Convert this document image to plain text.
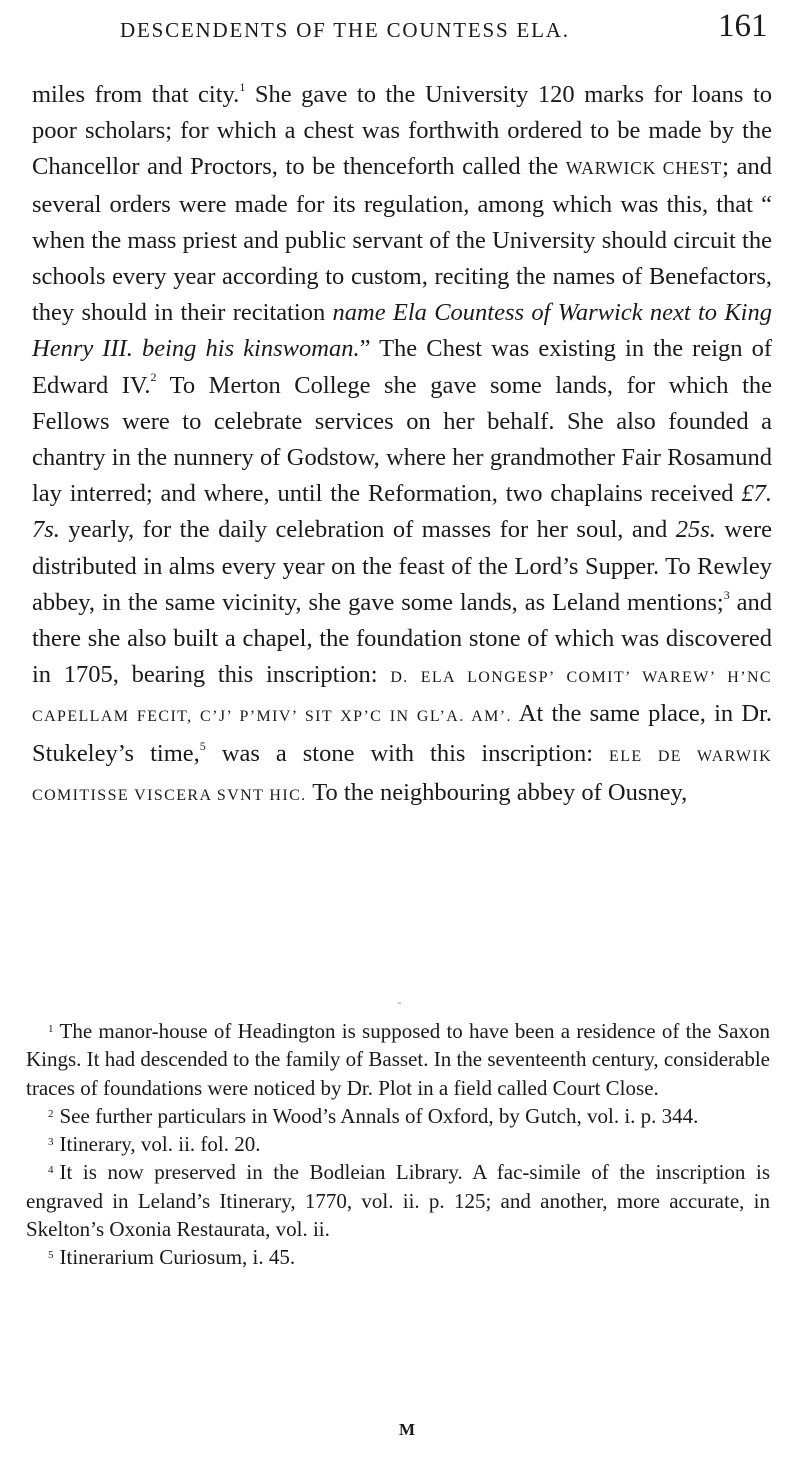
DESCENDENTS OF THE COUNTESS ELA.	161

miles from that city.$^1$ She gave to the University 120 marks for loans to poor scholars; for which a chest was forthwith ordered to be made by the Chancellor and Proctors, to be thenceforth called the WARWICK CHEST; and several orders were made for its regulation, among which was this, that “ when the mass priest and public servant of the University should circuit the schools every year according to custom, reciting the names of Benefactors, they should in their recitation name Ela Countess of Warwick next to King Henry III. being his kinswoman.” The Chest was existing in the reign of Edward IV.$^2$ To Merton College she gave some lands, for which the Fellows were to celebrate services on her behalf. She also founded a chantry in the nunnery of Godstow, where her grandmother Fair Rosamund lay interred; and where, until the Reformation, two chaplains received £7. 7s. yearly, for the daily celebration of masses for her soul, and 25s. were distributed in alms every year on the feast of the Lord’s Supper. To Rewley abbey, in the same vicinity, she gave some lands, as Leland mentions;$^3$ and there she also built a chapel, the foundation stone of which was discovered in 1705, bearing this inscription: D. ELA LONGESP’ COMIT’ WAREW’ H’NC CAPELLAM FECIT, C’J’ P’MIV’ SIT XP’C IN GL’A. AM’. At the same place, in Dr. Stukeley’s time,$^5$ was a stone with this inscription: ELE DE WARWIK COMITISSE VISCERA SVNT HIC. To the neighbouring abbey of Ousney,

$^1$ The manor-house of Headington is supposed to have been a residence of the Saxon Kings. It had descended to the family of Basset. In the seventeenth century, considerable traces of foundations were noticed by Dr. Plot in a field called Court Close.

$^2$ See further particulars in Wood’s Annals of Oxford, by Gutch, vol. i. p. 344.

$^3$ Itinerary, vol. ii. fol. 20.

$^4$ It is now preserved in the Bodleian Library. A fac-simile of the inscription is engraved in Leland’s Itinerary, 1770, vol. ii. p. 125; and another, more accurate, in Skelton’s Oxonia Restaurata, vol. ii.

$^5$ Itinerarium Curiosum, i. 45.

M
